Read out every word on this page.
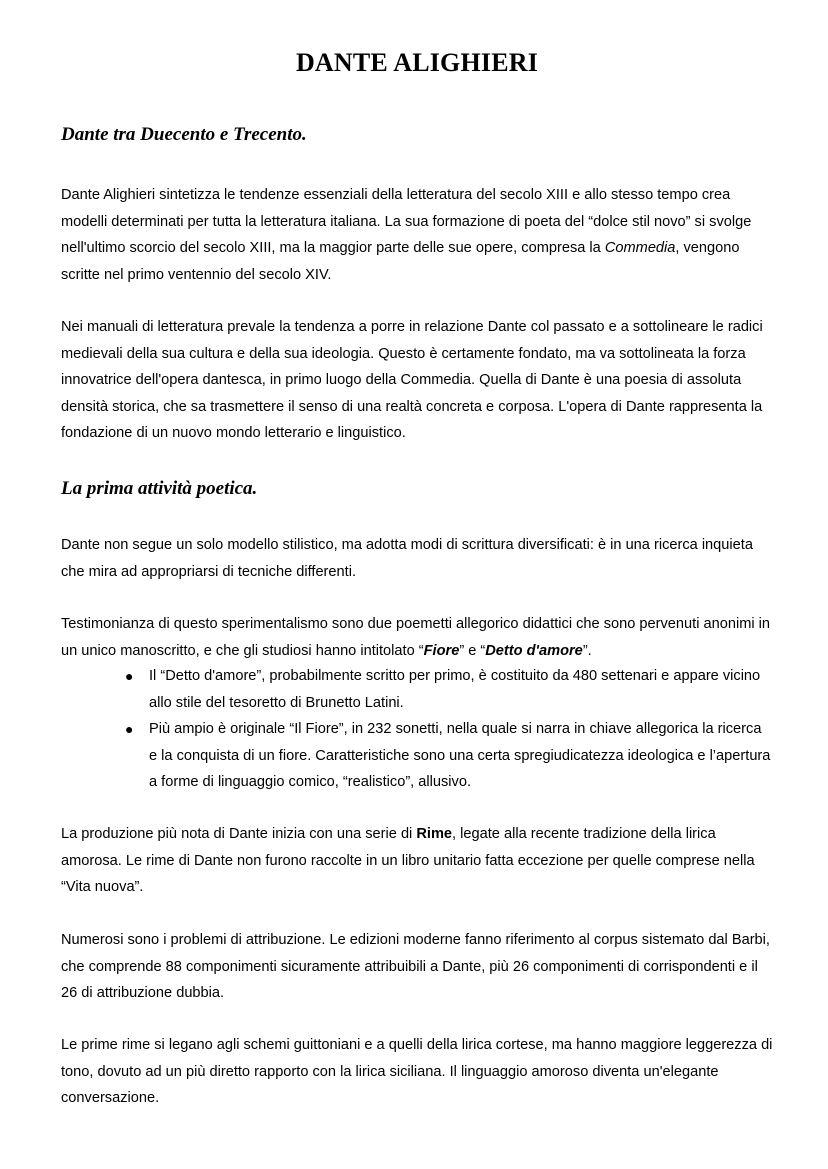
DANTE ALIGHIERI
Dante tra Duecento e Trecento.

Dante Alighieri sintetizza le tendenze essenziali della letteratura del secolo XIII e allo stesso tempo crea modelli determinati per tutta la letteratura italiana. La sua formazione di poeta del “dolce stil novo” si svolge nell'ultimo scorcio del secolo XIII, ma la maggior parte delle sue opere, compresa la Commedia, vengono scritte nel primo ventennio del secolo XIV.

Nei manuali di letteratura prevale la tendenza a porre in relazione Dante col passato e a sottolineare le radici medievali della sua cultura e della sua ideologia. Questo è certamente fondato, ma va sottolineata la forza innovatrice dell'opera dantesca, in primo luogo della Commedia. Quella di Dante è una poesia di assoluta densità storica, che sa trasmettere il senso di una realtà concreta e corposa. L'opera di Dante rappresenta la fondazione di un nuovo mondo letterario e linguistico.

La prima attività poetica.

Dante non segue un solo modello stilistico, ma adotta modi di scrittura diversificati: è in una ricerca inquieta che mira ad appropriarsi di tecniche differenti.

Testimonianza di questo sperimentalismo sono due poemetti allegorico didattici che sono pervenuti anonimi in un unico manoscritto, e che gli studiosi hanno intitolato “Fiore” e “Detto d'amore”.

● Il “Detto d'amore”, probabilmente scritto per primo, è costituito da 480 settenari e appare vicino allo stile del tesoretto di Brunetto Latini.
● Più ampio è originale “Il Fiore”, in 232 sonetti, nella quale si narra in chiave allegorica la ricerca e la conquista di un fiore. Caratteristiche sono una certa spregiudicatezza ideologica e l’apertura a forme di linguaggio comico, “realistico”, allusivo.

La produzione più nota di Dante inizia con una serie di Rime, legate alla recente tradizione della lirica amorosa. Le rime di Dante non furono raccolte in un libro unitario fatta eccezione per quelle comprese nella “Vita nuova”.

Numerosi sono i problemi di attribuzione. Le edizioni moderne fanno riferimento al corpus sistemato dal Barbi, che comprende 88 componimenti sicuramente attribuibili a Dante, più 26 componimenti di corrispondenti e il 26 di attribuzione dubbia.

Le prime rime si legano agli schemi guittoniani e a quelli della lirica cortese, ma hanno maggiore leggerezza di tono, dovuto ad un più diretto rapporto con la lirica siciliana. Il linguaggio amoroso diventa un'elegante conversazione.
